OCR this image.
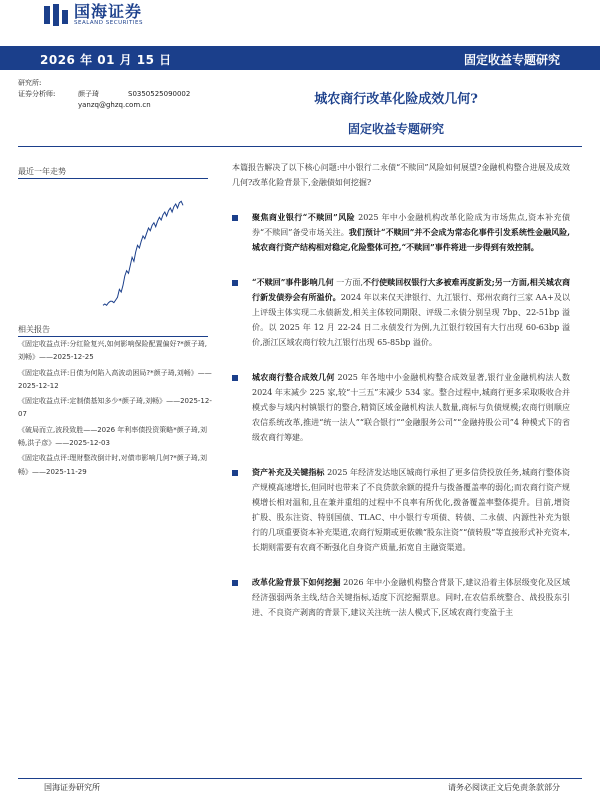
国海证券
SEALAND SECURITIES
2026 年 01 月 15 日	固定收益专题研究
研究所:
证券分析师:	颜子琦	S0350525090002
yanzq@ghzq.com.cn	城农商行改革化险成效几何?
固定收益专题研究
最近一年走势
相关报告
《固定收益点评:分红险复兴,如何影响保险配置偏好?*颜子琦,刘畅》——2025-12-25
《固定收益点评:日债为何陷入高波动困局?*颜子琦,刘畅》——2025-12-12
《固定收益点评:定制债基知多少*颜子琦,刘畅》——2025-12-07
《破局而立,波段致胜——2026 年利率债投资策略*颜子琦,刘畅,洪子彦》——2025-12-03
《固定收益点评:理财整改倒计时,对债市影响几何?*颜子琦,刘畅》——2025-11-29
本篇报告解决了以下核心问题:中小银行二永债“不赎回”风险如何展望?金融机构整合进展及成效几何?改革化险背景下,金融债如何挖掘?
聚焦商业银行“不赎回”风险 2025 年中小金融机构改革化险成为市场焦点,资本补充债券“不赎回”备受市场关注。我们预计“不赎回”并不会成为常态化事件引发系统性金融风险,城农商行资产结构相对稳定,化险整体可控,“不赎回”事件将进一步得到有效控制。
“不赎回”事件影响几何 一方面,不行使赎回权银行大多被难再度新发;另一方面,相关城农商行新发债券会有所溢价。2024 年以来仅天津银行、九江银行、郑州农商行三家 AA+及以上评级主体实现二永债新发,相关主体较同期限、评级二永债分别呈现 7bp、22-51bp 溢价。以 2025 年 12 月 22-24 日二永债发行为例,九江银行较国有大行出现 60-63bp 溢价,浙江区域农商行较九江银行出现 65-85bp 溢价。
城农商行整合成效几何 2025 年各地中小金融机构整合成效显著,银行业金融机构法人数 2024 年末减少 225 家,较“十三五”末减少 534 家。整合过程中,城商行更多采取吸收合并模式参与域内村镇银行的整合,精简区域金融机构法人数量,商标与负债规模;农商行则顺应农信系统改革,推进“统一法人”“联合银行”“金融服务公司”“金融持股公司”4 种模式下的省级农商行筹建。
资产补充及关键指标 2025 年经济发达地区城商行承担了更多信贷投放任务,城商行整体资产规模高速增长,但同时也带来了不良贷款余额的提升与拨备覆盖率的弱化;而农商行资产规模增长相对温和,且在兼并重组的过程中不良率有所优化,拨备覆盖率整体提升。目前,增资扩股、股东注资、特别国债、TLAC、中小银行专项债、转债、二永债、内源性补充为银行的几项重要资本补充渠道,农商行短期或更依赖“股东注资”“债转股”等直接形式补充资本,长期则需要有农商不断强化自身资产质量,拓宽自主融资渠道。
改革化险背景下如何挖掘 2026 年中小金融机构整合背景下,建议沿着主体层级变化及区域经济强弱两条主线,结合关键指标,适度下沉挖掘票息。同时,在农信系统整合、战投股东引进、不良资产剥离的背景下,建议关注统一法人模式下,区域农商行变盈于主
国海证券研究所	请务必阅读正文后免责条款部分
